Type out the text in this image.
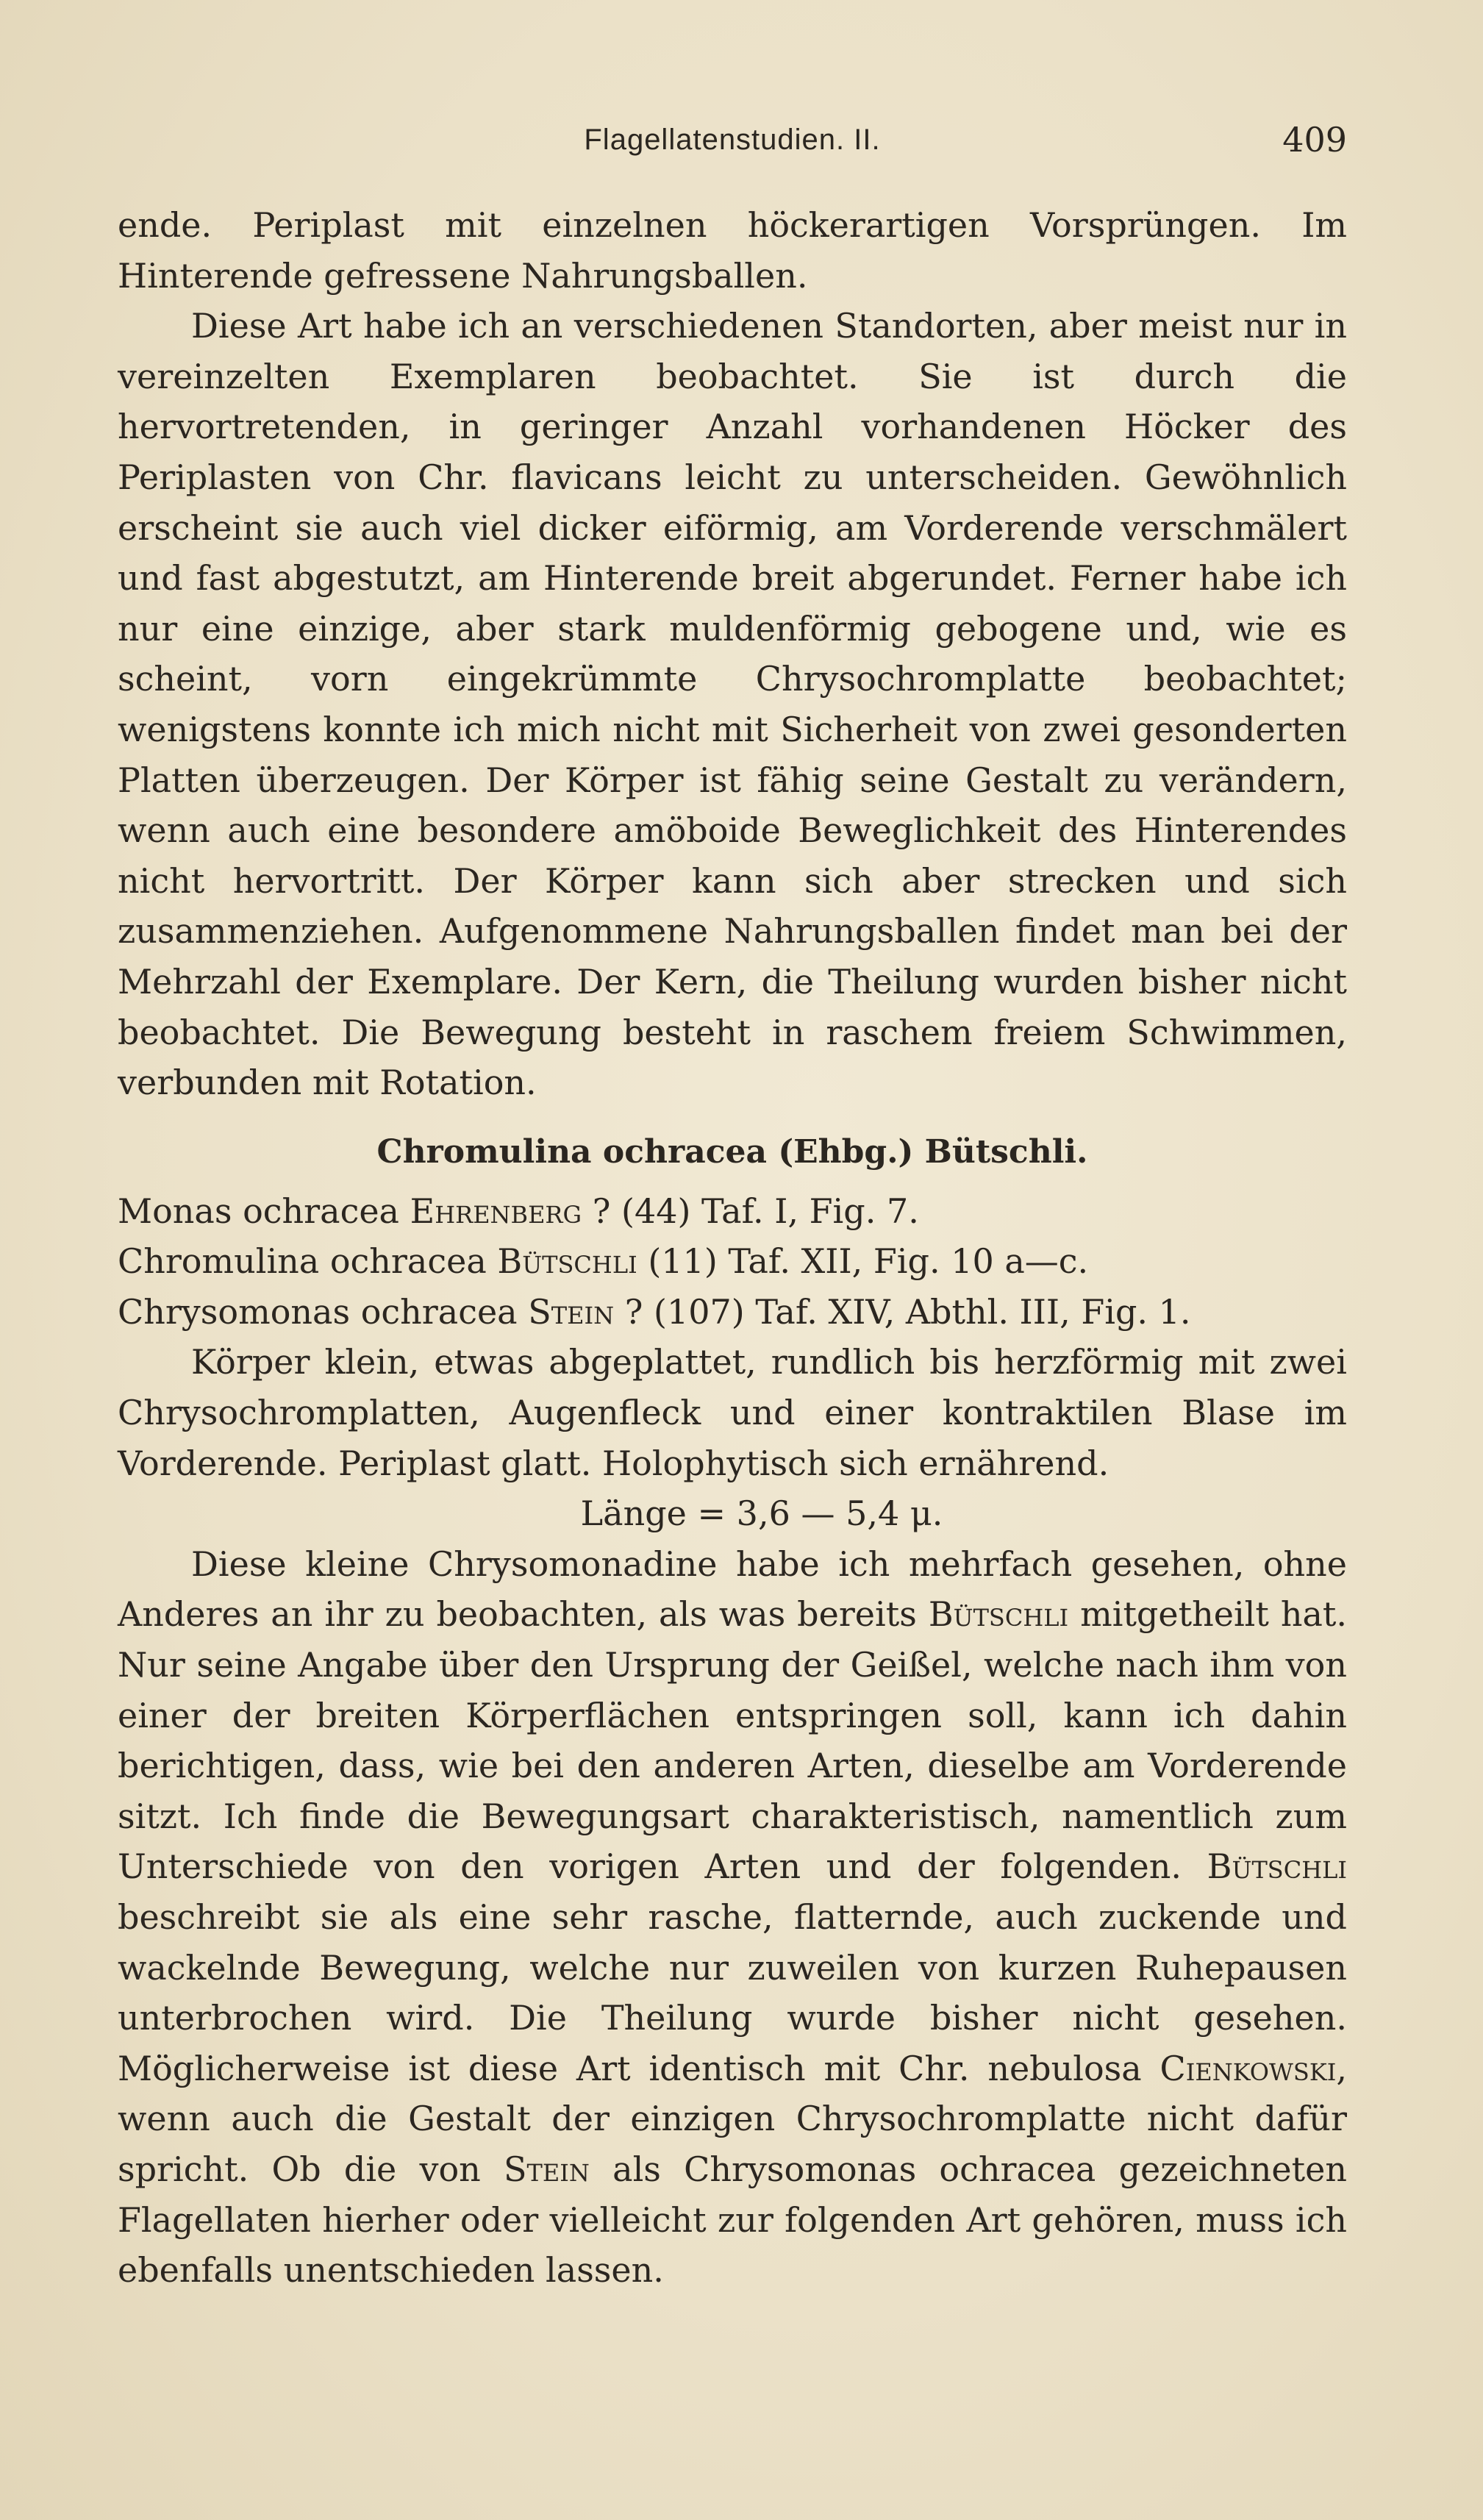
Flagellatenstudien. II.	409

ende. Periplast mit einzelnen höckerartigen Vorsprüngen. Im Hinterende gefressene Nahrungsballen.

Diese Art habe ich an verschiedenen Standorten, aber meist nur in vereinzelten Exemplaren beobachtet. Sie ist durch die hervortretenden, in geringer Anzahl vorhandenen Höcker des Periplasten von Chr. flavicans leicht zu unterscheiden. Gewöhnlich erscheint sie auch viel dicker eiförmig, am Vorderende verschmälert und fast abgestutzt, am Hinterende breit abgerundet. Ferner habe ich nur eine einzige, aber stark muldenförmig gebogene und, wie es scheint, vorn eingekrümmte Chrysochromplatte beobachtet; wenigstens konnte ich mich nicht mit Sicherheit von zwei gesonderten Platten überzeugen. Der Körper ist fähig seine Gestalt zu verändern, wenn auch eine besondere amöboide Beweglichkeit des Hinterendes nicht hervortritt. Der Körper kann sich aber strecken und sich zusammenziehen. Aufgenommene Nahrungsballen findet man bei der Mehrzahl der Exemplare. Der Kern, die Theilung wurden bisher nicht beobachtet. Die Bewegung besteht in raschem freiem Schwimmen, verbunden mit Rotation.

Chromulina ochracea (Ehbg.) Bütschli.

Monas ochracea Ehrenberg ? (44) Taf. I, Fig. 7.

Chromulina ochracea Bütschli (11) Taf. XII, Fig. 10 a—c.

Chrysomonas ochracea Stein ? (107) Taf. XIV, Abthl. III, Fig. 1.

Körper klein, etwas abgeplattet, rundlich bis herzförmig mit zwei Chrysochromplatten, Augenfleck und einer kontraktilen Blase im Vorderende. Periplast glatt. Holophytisch sich ernährend.

Länge = 3,6 — 5,4 μ.

Diese kleine Chrysomonadine habe ich mehrfach gesehen, ohne Anderes an ihr zu beobachten, als was bereits Bütschli mitgetheilt hat. Nur seine Angabe über den Ursprung der Geißel, welche nach ihm von einer der breiten Körperflächen entspringen soll, kann ich dahin berichtigen, dass, wie bei den anderen Arten, dieselbe am Vorderende sitzt. Ich finde die Bewegungsart charakteristisch, namentlich zum Unterschiede von den vorigen Arten und der folgenden. Bütschli beschreibt sie als eine sehr rasche, flatternde, auch zuckende und wackelnde Bewegung, welche nur zuweilen von kurzen Ruhepausen unterbrochen wird. Die Theilung wurde bisher nicht gesehen. Möglicherweise ist diese Art identisch mit Chr. nebulosa Cienkowski, wenn auch die Gestalt der einzigen Chrysochromplatte nicht dafür spricht. Ob die von Stein als Chrysomonas ochracea gezeichneten Flagellaten hierher oder vielleicht zur folgenden Art gehören, muss ich ebenfalls unentschieden lassen.
